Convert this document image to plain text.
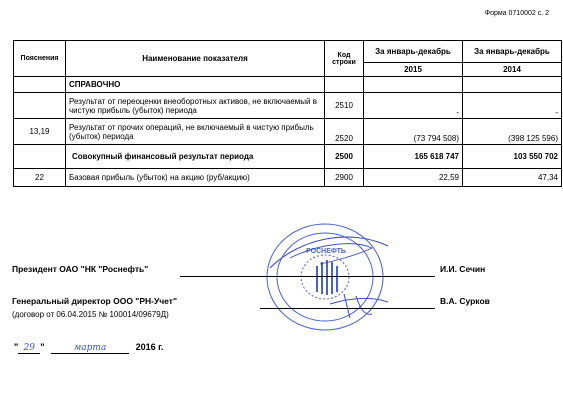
Форма 0710002 с. 2
Пояснения	Наименование показателя	Код строки	За январь-декабрь	За январь-декабрь
			2015	2014
	СПРАВОЧНО			
	Результат от переоценки внеоборотных активов, не включаемый в чистую прибыль (убыток) периода	2510	-	-
13,19	Результат от прочих операций, не включаемый в чистую прибыль (убыток) периода	2520	(73 794 508)	(398 125 596)
	Совокупный финансовый результат периода	2500	165 618 747	103 550 702
22	Базовая прибыль (убыток) на акцию (руб/акцию)	2900	22,59	47,34
РОСНЕФТЬ
Президент ОАО "НК "Роснефть"	И.И. Сечин
Генеральный директор ООО "РН-Учет"
(договор от 06.04.2015 № 100014/09679Д)
В.А. Сурков
" 29 "	марта	2016 г.
